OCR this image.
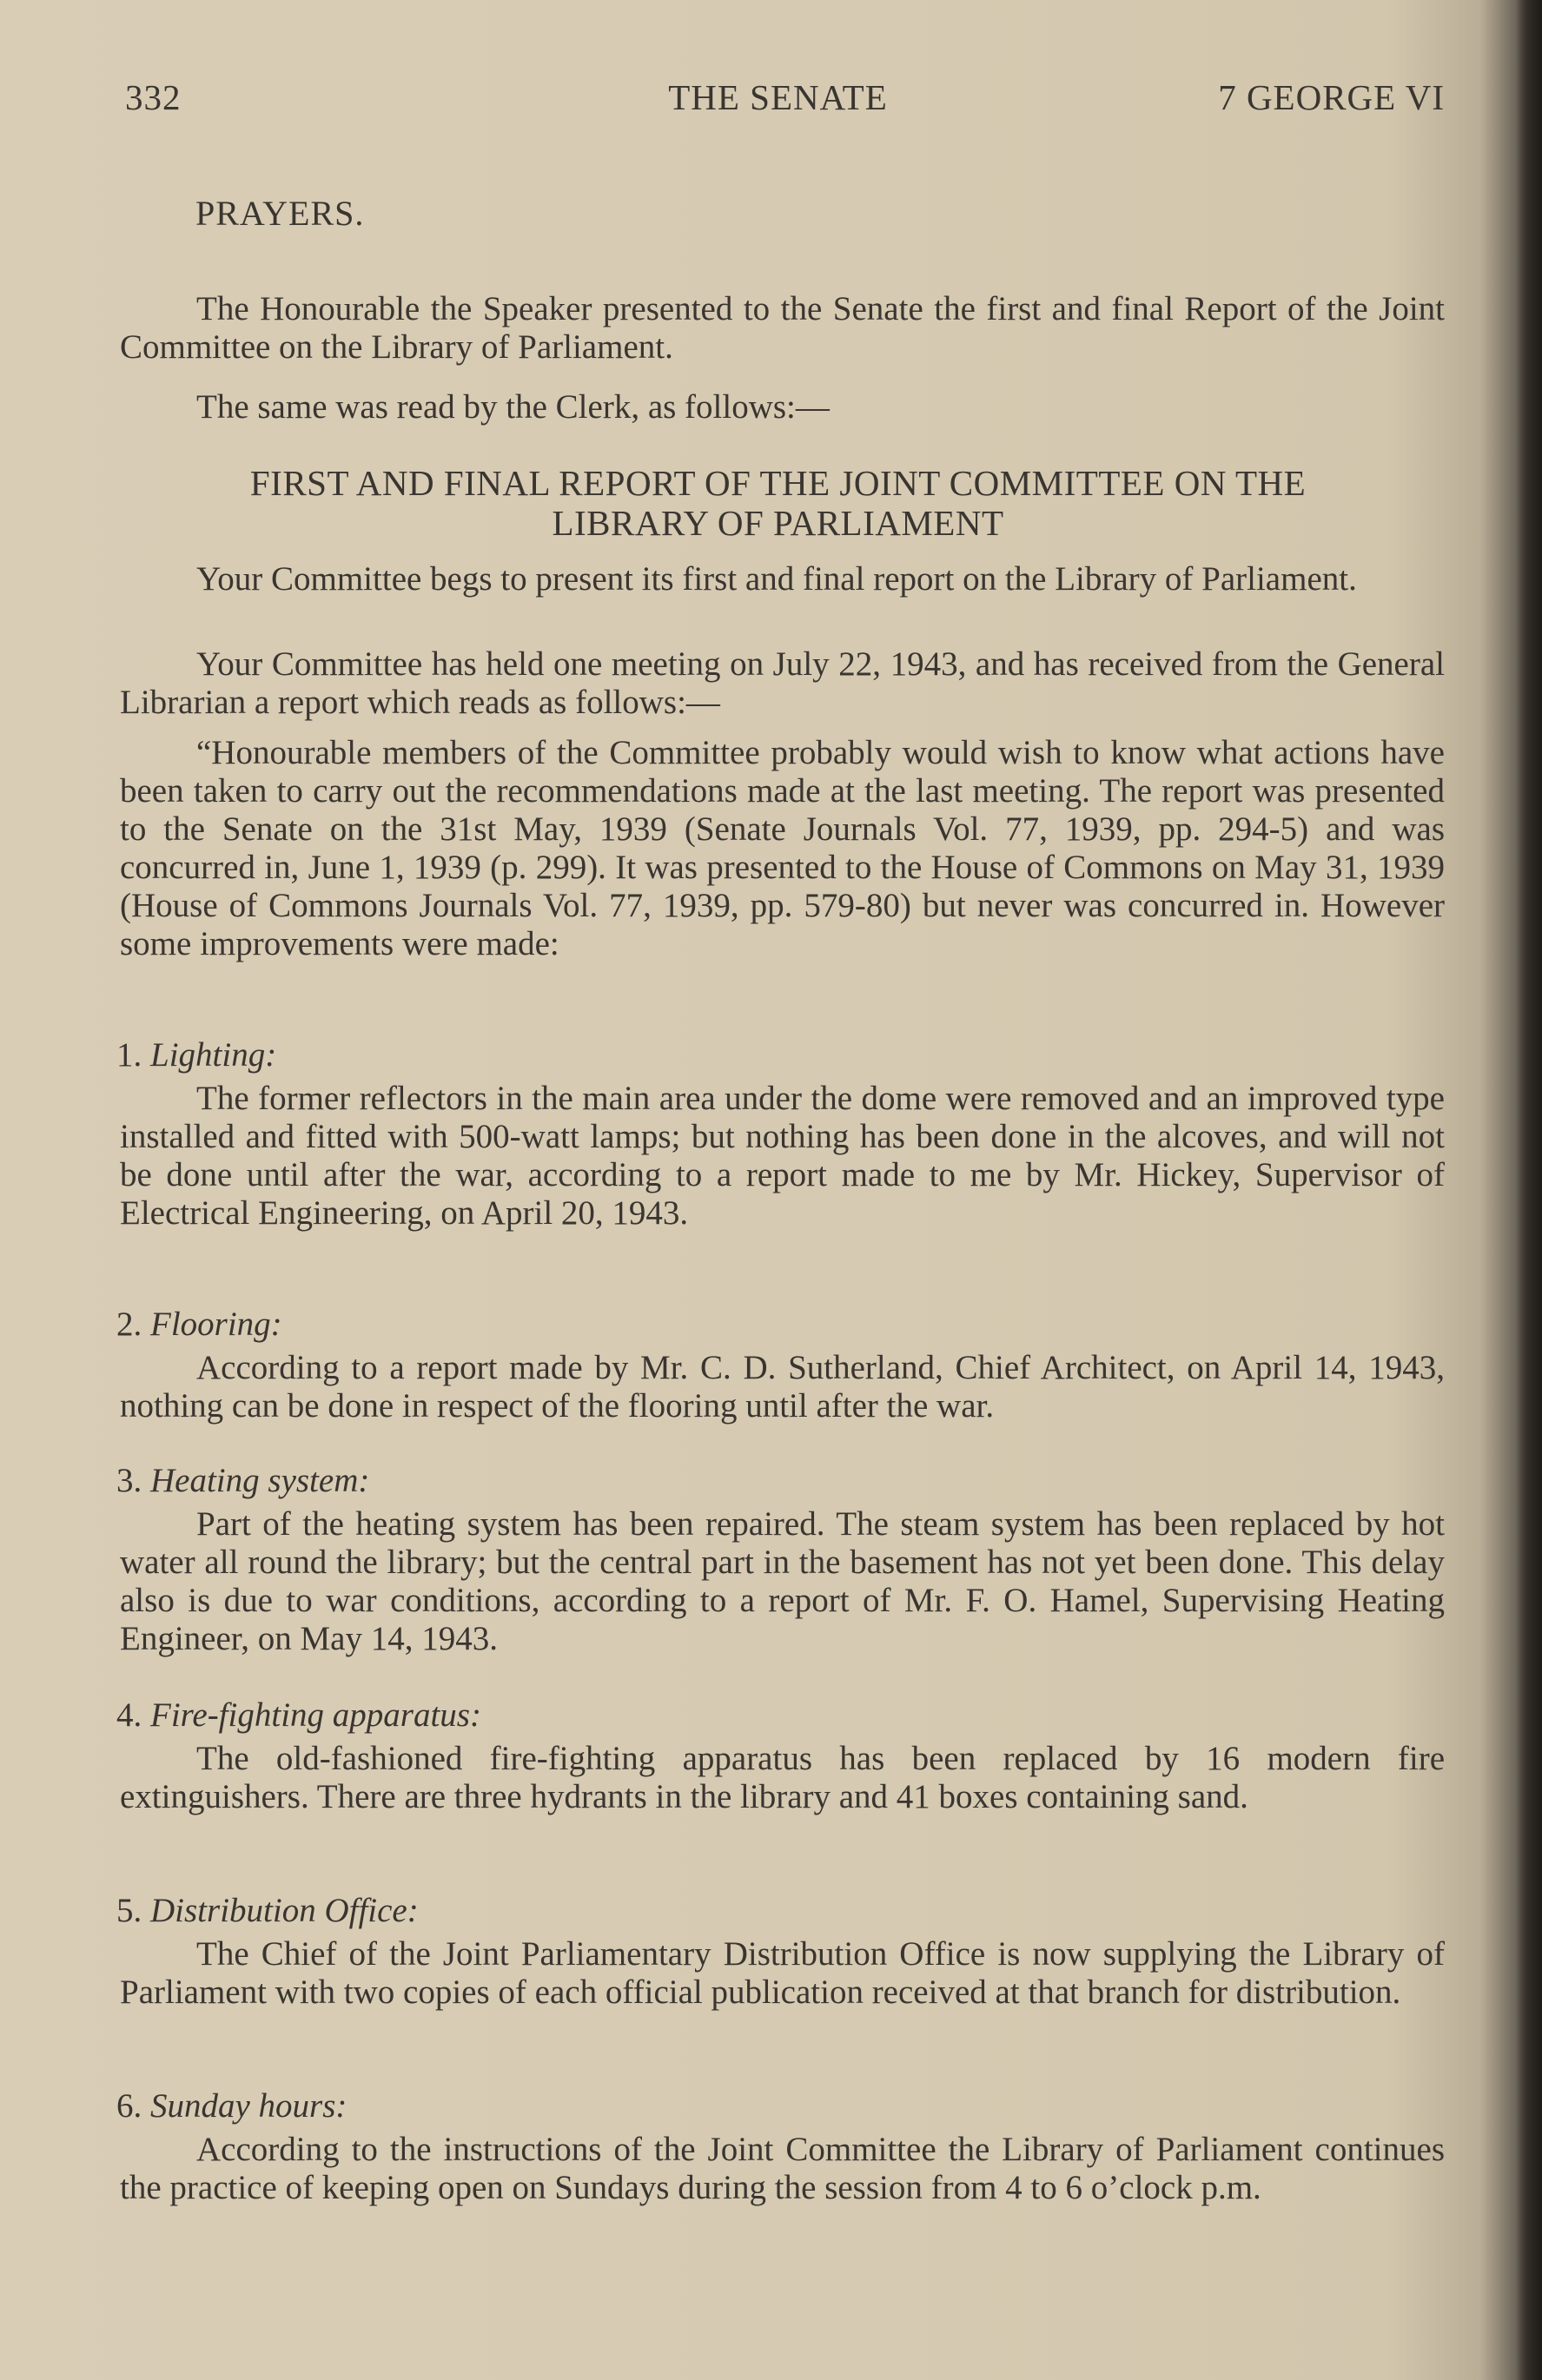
332	THE SENATE	7 GEORGE VI
PRAYERS.

The Honourable the Speaker presented to the Senate the first and final Report of the Joint Committee on the Library of Parliament.

The same was read by the Clerk, as follows:—

FIRST AND FINAL REPORT OF THE JOINT COMMITTEE ON THE
LIBRARY OF PARLIAMENT

Your Committee begs to present its first and final report on the Library of Parliament.

Your Committee has held one meeting on July 22, 1943, and has received from the General Librarian a report which reads as follows:—

“Honourable members of the Committee probably would wish to know what actions have been taken to carry out the recommendations made at the last meeting. The report was presented to the Senate on the 31st May, 1939 (Senate Journals Vol. 77, 1939, pp. 294-5) and was concurred in, June 1, 1939 (p. 299). It was presented to the House of Commons on May 31, 1939 (House of Commons Journals Vol. 77, 1939, pp. 579-80) but never was concurred in. However some improvements were made:

1. Lighting:

The former reflectors in the main area under the dome were removed and an improved type installed and fitted with 500-watt lamps; but nothing has been done in the alcoves, and will not be done until after the war, according to a report made to me by Mr. Hickey, Supervisor of Electrical Engineering, on April 20, 1943.

2. Flooring:

According to a report made by Mr. C. D. Sutherland, Chief Architect, on April 14, 1943, nothing can be done in respect of the flooring until after the war.

3. Heating system:

Part of the heating system has been repaired. The steam system has been replaced by hot water all round the library; but the central part in the basement has not yet been done. This delay also is due to war conditions, according to a report of Mr. F. O. Hamel, Supervising Heating Engineer, on May 14, 1943.

4. Fire-fighting apparatus:

The old-fashioned fire-fighting apparatus has been replaced by 16 modern fire extinguishers. There are three hydrants in the library and 41 boxes containing sand.

5. Distribution Office:

The Chief of the Joint Parliamentary Distribution Office is now supplying the Library of Parliament with two copies of each official publication received at that branch for distribution.

6. Sunday hours:

According to the instructions of the Joint Committee the Library of Parliament continues the practice of keeping open on Sundays during the session from 4 to 6 o’clock p.m.
